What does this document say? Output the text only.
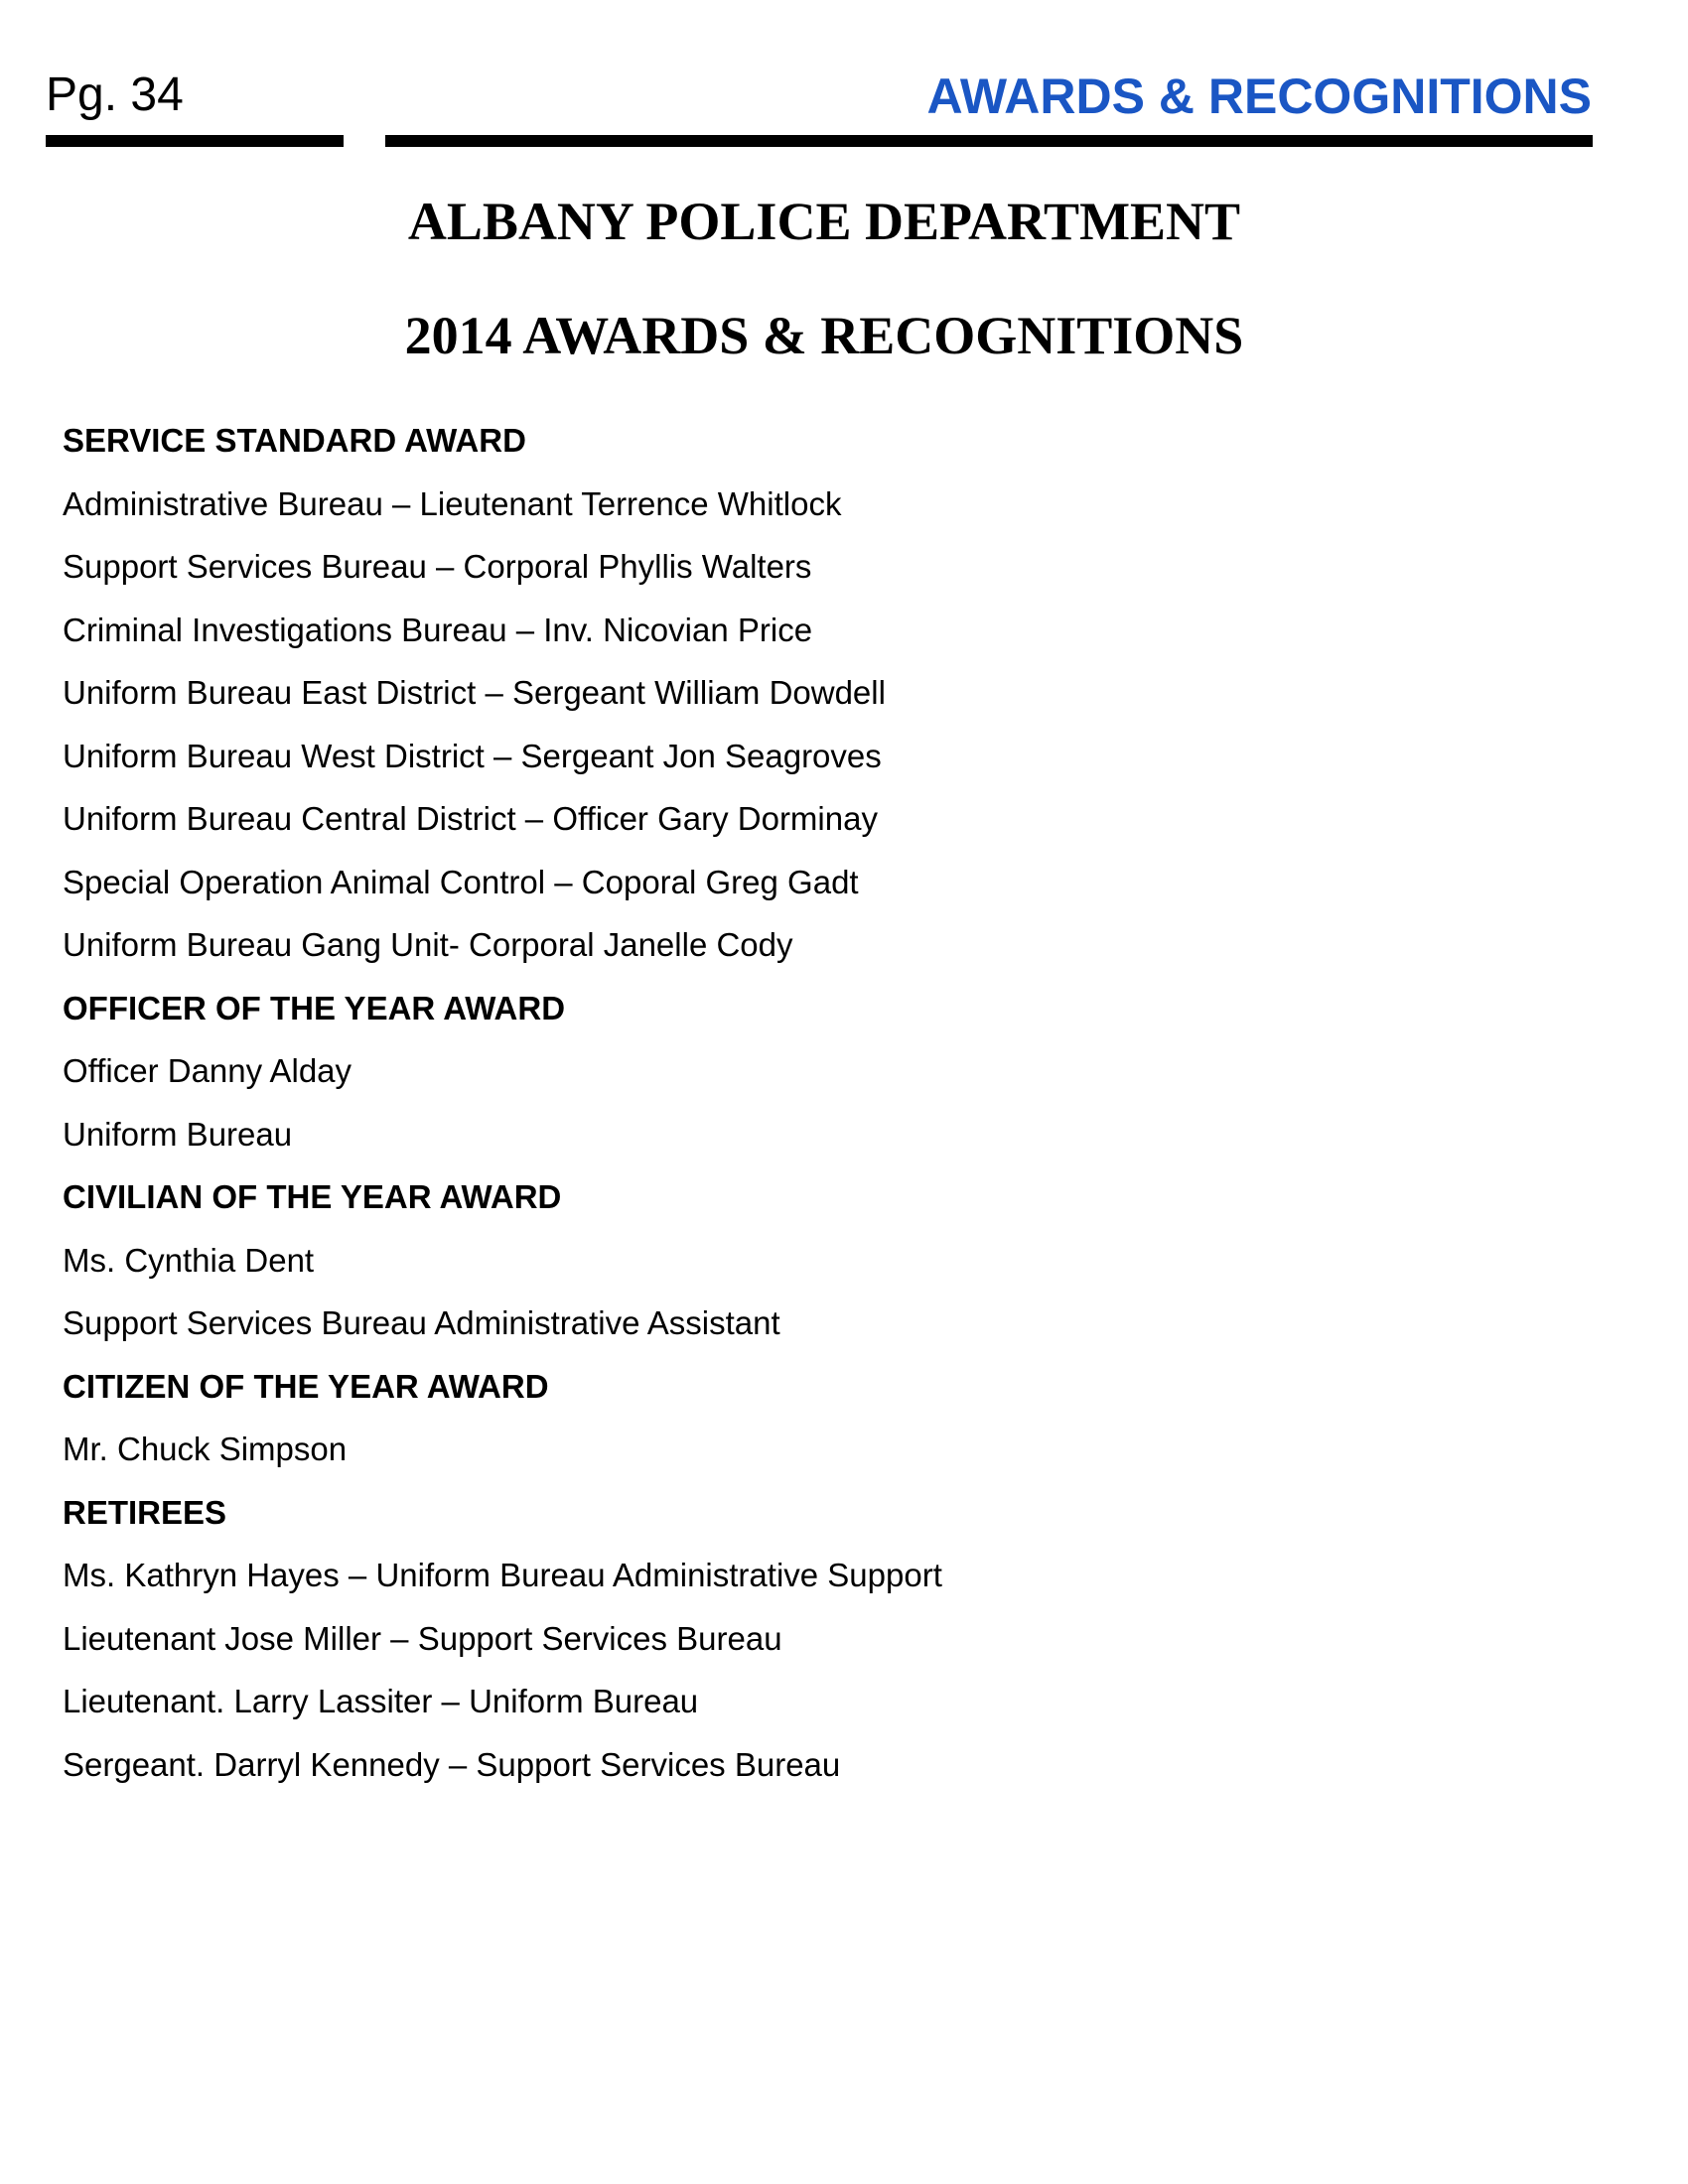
Pg. 34	AWARDS & RECOGNITIONS
ALBANY POLICE DEPARTMENT
2014 AWARDS & RECOGNITIONS
SERVICE STANDARD AWARD
Administrative Bureau – Lieutenant Terrence Whitlock
Support Services Bureau – Corporal Phyllis Walters
Criminal Investigations Bureau – Inv. Nicovian Price
Uniform Bureau East District – Sergeant William Dowdell
Uniform Bureau West District – Sergeant Jon Seagroves
Uniform Bureau Central District – Officer Gary Dorminay
Special Operation Animal Control – Coporal Greg Gadt
Uniform Bureau Gang Unit- Corporal Janelle Cody
OFFICER OF THE YEAR AWARD
Officer Danny Alday
Uniform Bureau
CIVILIAN OF THE YEAR AWARD
Ms. Cynthia Dent
Support Services Bureau Administrative Assistant
CITIZEN OF THE YEAR AWARD
Mr. Chuck Simpson
RETIREES
Ms. Kathryn Hayes – Uniform Bureau Administrative Support
Lieutenant Jose Miller – Support Services Bureau
Lieutenant. Larry Lassiter – Uniform Bureau
Sergeant. Darryl Kennedy – Support Services Bureau
